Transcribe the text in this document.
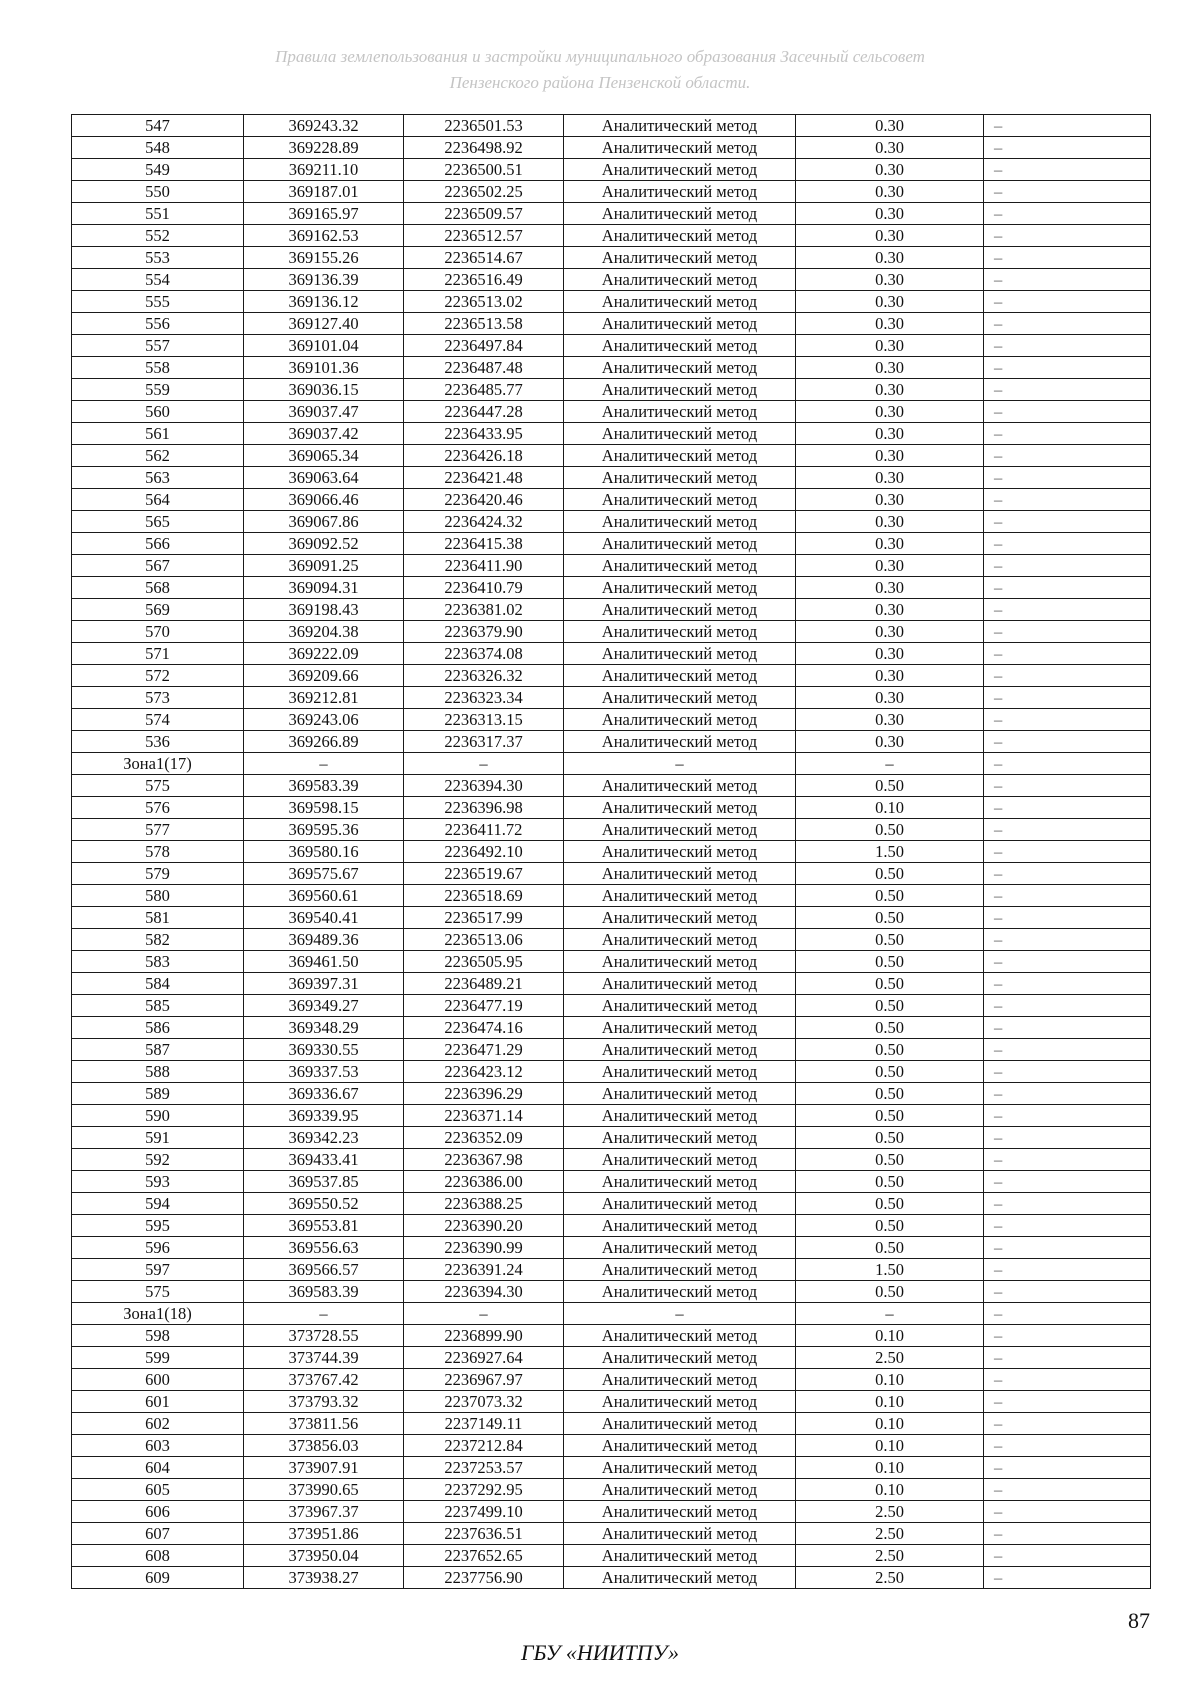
Правила землепользования и застройки муниципального образования Засечный сельсовет
Пензенского района Пензенской области.
547	369243.32	2236501.53	Аналитический метод	0.30	–
548	369228.89	2236498.92	Аналитический метод	0.30	–
549	369211.10	2236500.51	Аналитический метод	0.30	–
550	369187.01	2236502.25	Аналитический метод	0.30	–
551	369165.97	2236509.57	Аналитический метод	0.30	–
552	369162.53	2236512.57	Аналитический метод	0.30	–
553	369155.26	2236514.67	Аналитический метод	0.30	–
554	369136.39	2236516.49	Аналитический метод	0.30	–
555	369136.12	2236513.02	Аналитический метод	0.30	–
556	369127.40	2236513.58	Аналитический метод	0.30	–
557	369101.04	2236497.84	Аналитический метод	0.30	–
558	369101.36	2236487.48	Аналитический метод	0.30	–
559	369036.15	2236485.77	Аналитический метод	0.30	–
560	369037.47	2236447.28	Аналитический метод	0.30	–
561	369037.42	2236433.95	Аналитический метод	0.30	–
562	369065.34	2236426.18	Аналитический метод	0.30	–
563	369063.64	2236421.48	Аналитический метод	0.30	–
564	369066.46	2236420.46	Аналитический метод	0.30	–
565	369067.86	2236424.32	Аналитический метод	0.30	–
566	369092.52	2236415.38	Аналитический метод	0.30	–
567	369091.25	2236411.90	Аналитический метод	0.30	–
568	369094.31	2236410.79	Аналитический метод	0.30	–
569	369198.43	2236381.02	Аналитический метод	0.30	–
570	369204.38	2236379.90	Аналитический метод	0.30	–
571	369222.09	2236374.08	Аналитический метод	0.30	–
572	369209.66	2236326.32	Аналитический метод	0.30	–
573	369212.81	2236323.34	Аналитический метод	0.30	–
574	369243.06	2236313.15	Аналитический метод	0.30	–
536	369266.89	2236317.37	Аналитический метод	0.30	–
Зона1(17)	–	–	–	–	–
575	369583.39	2236394.30	Аналитический метод	0.50	–
576	369598.15	2236396.98	Аналитический метод	0.10	–
577	369595.36	2236411.72	Аналитический метод	0.50	–
578	369580.16	2236492.10	Аналитический метод	1.50	–
579	369575.67	2236519.67	Аналитический метод	0.50	–
580	369560.61	2236518.69	Аналитический метод	0.50	–
581	369540.41	2236517.99	Аналитический метод	0.50	–
582	369489.36	2236513.06	Аналитический метод	0.50	–
583	369461.50	2236505.95	Аналитический метод	0.50	–
584	369397.31	2236489.21	Аналитический метод	0.50	–
585	369349.27	2236477.19	Аналитический метод	0.50	–
586	369348.29	2236474.16	Аналитический метод	0.50	–
587	369330.55	2236471.29	Аналитический метод	0.50	–
588	369337.53	2236423.12	Аналитический метод	0.50	–
589	369336.67	2236396.29	Аналитический метод	0.50	–
590	369339.95	2236371.14	Аналитический метод	0.50	–
591	369342.23	2236352.09	Аналитический метод	0.50	–
592	369433.41	2236367.98	Аналитический метод	0.50	–
593	369537.85	2236386.00	Аналитический метод	0.50	–
594	369550.52	2236388.25	Аналитический метод	0.50	–
595	369553.81	2236390.20	Аналитический метод	0.50	–
596	369556.63	2236390.99	Аналитический метод	0.50	–
597	369566.57	2236391.24	Аналитический метод	1.50	–
575	369583.39	2236394.30	Аналитический метод	0.50	–
Зона1(18)	–	–	–	–	–
598	373728.55	2236899.90	Аналитический метод	0.10	–
599	373744.39	2236927.64	Аналитический метод	2.50	–
600	373767.42	2236967.97	Аналитический метод	0.10	–
601	373793.32	2237073.32	Аналитический метод	0.10	–
602	373811.56	2237149.11	Аналитический метод	0.10	–
603	373856.03	2237212.84	Аналитический метод	0.10	–
604	373907.91	2237253.57	Аналитический метод	0.10	–
605	373990.65	2237292.95	Аналитический метод	0.10	–
606	373967.37	2237499.10	Аналитический метод	2.50	–
607	373951.86	2237636.51	Аналитический метод	2.50	–
608	373950.04	2237652.65	Аналитический метод	2.50	–
609	373938.27	2237756.90	Аналитический метод	2.50	–
87
ГБУ «НИИТПУ»
